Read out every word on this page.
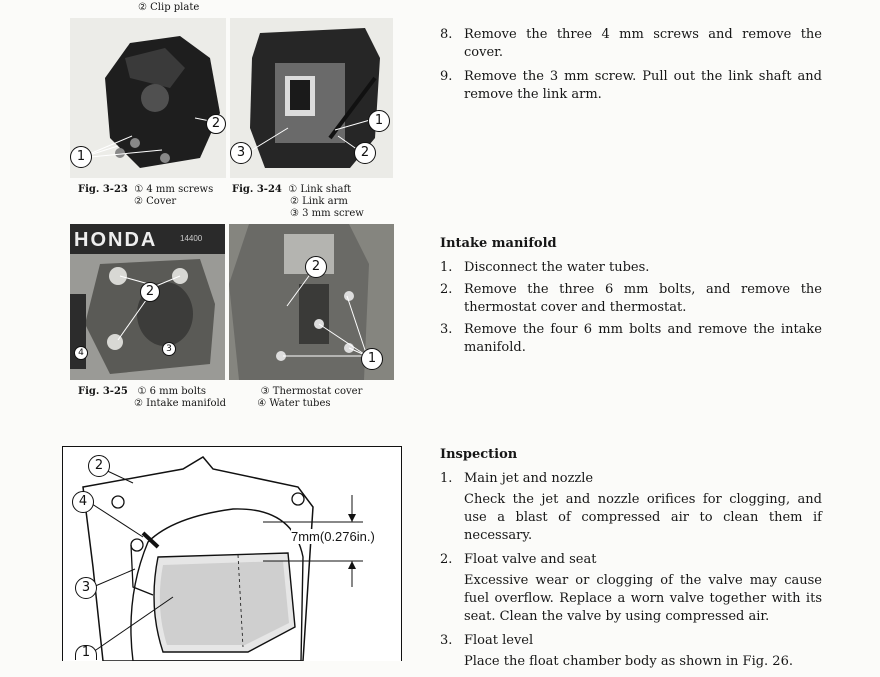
② Clip plate
1
2
3
1
2
Fig. 3-23 ① 4 mm screws
② Cover
Fig. 3-24 ① Link shaft
② Link arm
③ 3 mm screw
HONDA	14400
2
3
4
2
1
Fig. 3-25 ① 6 mm bolts	③ Thermostat cover
② Intake manifold	④ Water tubes
2
4
3
1
7mm(0.276in.)
8. Remove the three 4 mm screws and remove the cover.
9. Remove the 3 mm screw. Pull out the link shaft and remove the link arm.
Intake manifold
1. Disconnect the water tubes.
2. Remove the three 6 mm bolts, and remove the thermostat cover and thermostat.
3. Remove the four 6 mm bolts and remove the intake manifold.
Inspection
1. Main jet and nozzle
Check the jet and nozzle orifices for clogging, and use a blast of compressed air to clean them if necessary.
2. Float valve and seat
Excessive wear or clogging of the valve may cause fuel overflow. Replace a worn valve together with its seat. Clean the valve by using compressed air.
3. Float level
Place the float chamber body as shown in Fig. 26.
